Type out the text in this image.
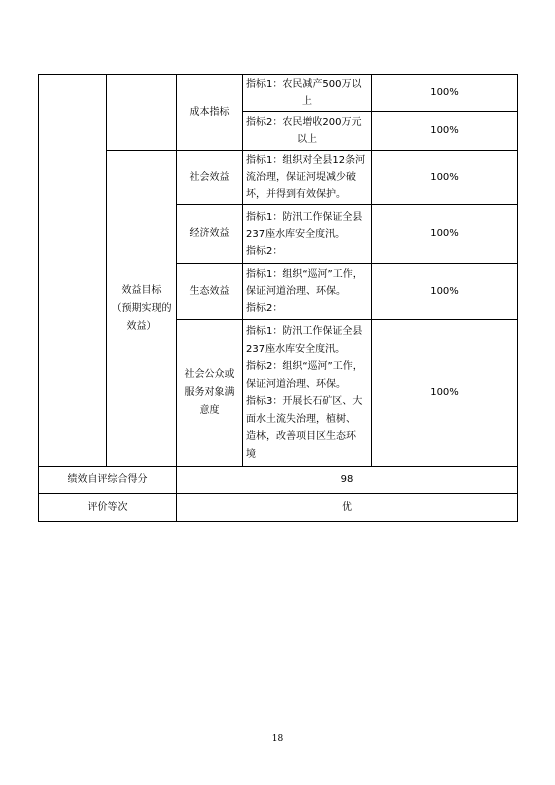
效益目标
（预期实现的
效益）
成本指标
指标1：农民减产500万以
上
100%
指标2：农民增收200万元
以上
100%
社会效益
指标1：组织对全县12条河
流治理，保证河堤减少破
坏，并得到有效保护。
100%
经济效益
指标1：防汛工作保证全县
237座水库安全度汛。
指标2：
100%
生态效益
指标1：组织“巡河”工作，
保证河道治理、环保。
指标2：
100%
社会公众或
服务对象满
意度
指标1：防汛工作保证全县
237座水库安全度汛。
指标2：组织“巡河”工作，
保证河道治理、环保。
指标3：开展长石矿区、大
面水土流失治理，植树、
造林，改善项目区生态环
境
100%
绩效自评综合得分	98
评价等次	优
18
